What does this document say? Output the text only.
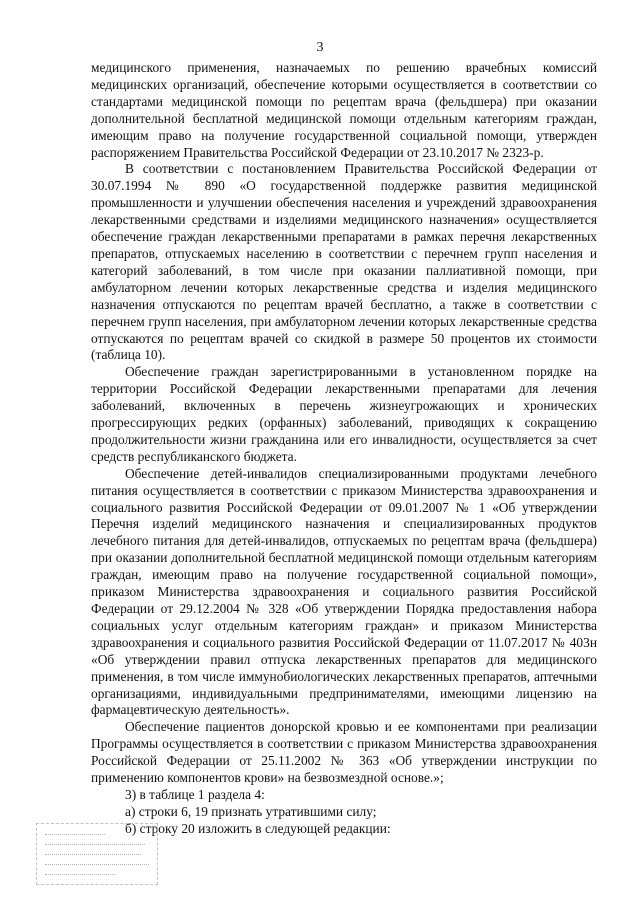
3

медицинского применения, назначаемых по решению врачебных комиссий медицинских организаций, обеспечение которыми осуществляется в соответствии со стандартами медицинской помощи по рецептам врача (фельдшера) при оказании дополнительной бесплатной медицинской помощи отдельным категориям граждан, имеющим право на получение государственной социальной помощи, утвержден распоряжением Правительства Российской Федерации от 23.10.2017 № 2323-р.

В соответствии с постановлением Правительства Российской Федерации от 30.07.1994 № 890 «О государственной поддержке развития медицинской промышленности и улучшении обеспечения населения и учреждений здравоохранения лекарственными средствами и изделиями медицинского назначения» осуществляется обеспечение граждан лекарственными препаратами в рамках перечня лекарственных препаратов, отпускаемых населению в соответствии с перечнем групп населения и категорий заболеваний, в том числе при оказании паллиативной помощи, при амбулаторном лечении которых лекарственные средства и изделия медицинского назначения отпускаются по рецептам врачей бесплатно, а также в соответствии с перечнем групп населения, при амбулаторном лечении которых лекарственные средства отпускаются по рецептам врачей со скидкой в размере 50 процентов их стоимости (таблица 10).

Обеспечение граждан зарегистрированными в установленном порядке на территории Российской Федерации лекарственными препаратами для лечения заболеваний, включенных в перечень жизнеугрожающих и хронических прогрессирующих редких (орфанных) заболеваний, приводящих к сокращению продолжительности жизни гражданина или его инвалидности, осуществляется за счет средств республиканского бюджета.

Обеспечение детей-инвалидов специализированными продуктами лечебного питания осуществляется в соответствии с приказом Министерства здравоохранения и социального развития Российской Федерации от 09.01.2007 № 1 «Об утверждении Перечня изделий медицинского назначения и специализированных продуктов лечебного питания для детей-инвалидов, отпускаемых по рецептам врача (фельдшера) при оказании дополнительной бесплатной медицинской помощи отдельным категориям граждан, имеющим право на получение государственной социальной помощи», приказом Министерства здравоохранения и социального развития Российской Федерации от 29.12.2004 № 328 «Об утверждении Порядка предоставления набора социальных услуг отдельным категориям граждан» и приказом Министерства здравоохранения и социального развития Российской Федерации от 11.07.2017 № 403н «Об утверждении правил отпуска лекарственных препаратов для медицинского применения, в том числе иммунобиологических лекарственных препаратов, аптечными организациями, индивидуальными предпринимателями, имеющими лицензию на фармацевтическую деятельность».

Обеспечение пациентов донорской кровью и ее компонентами при реализации Программы осуществляется в соответствии с приказом Министерства здравоохранения Российской Федерации от 25.11.2002 № 363 «Об утверждении инструкции по применению компонентов крови» на безвозмездной основе.»;

3) в таблице 1 раздела 4:

а) строки 6, 19 признать утратившими силу;

б) строку 20 изложить в следующей редакции:
